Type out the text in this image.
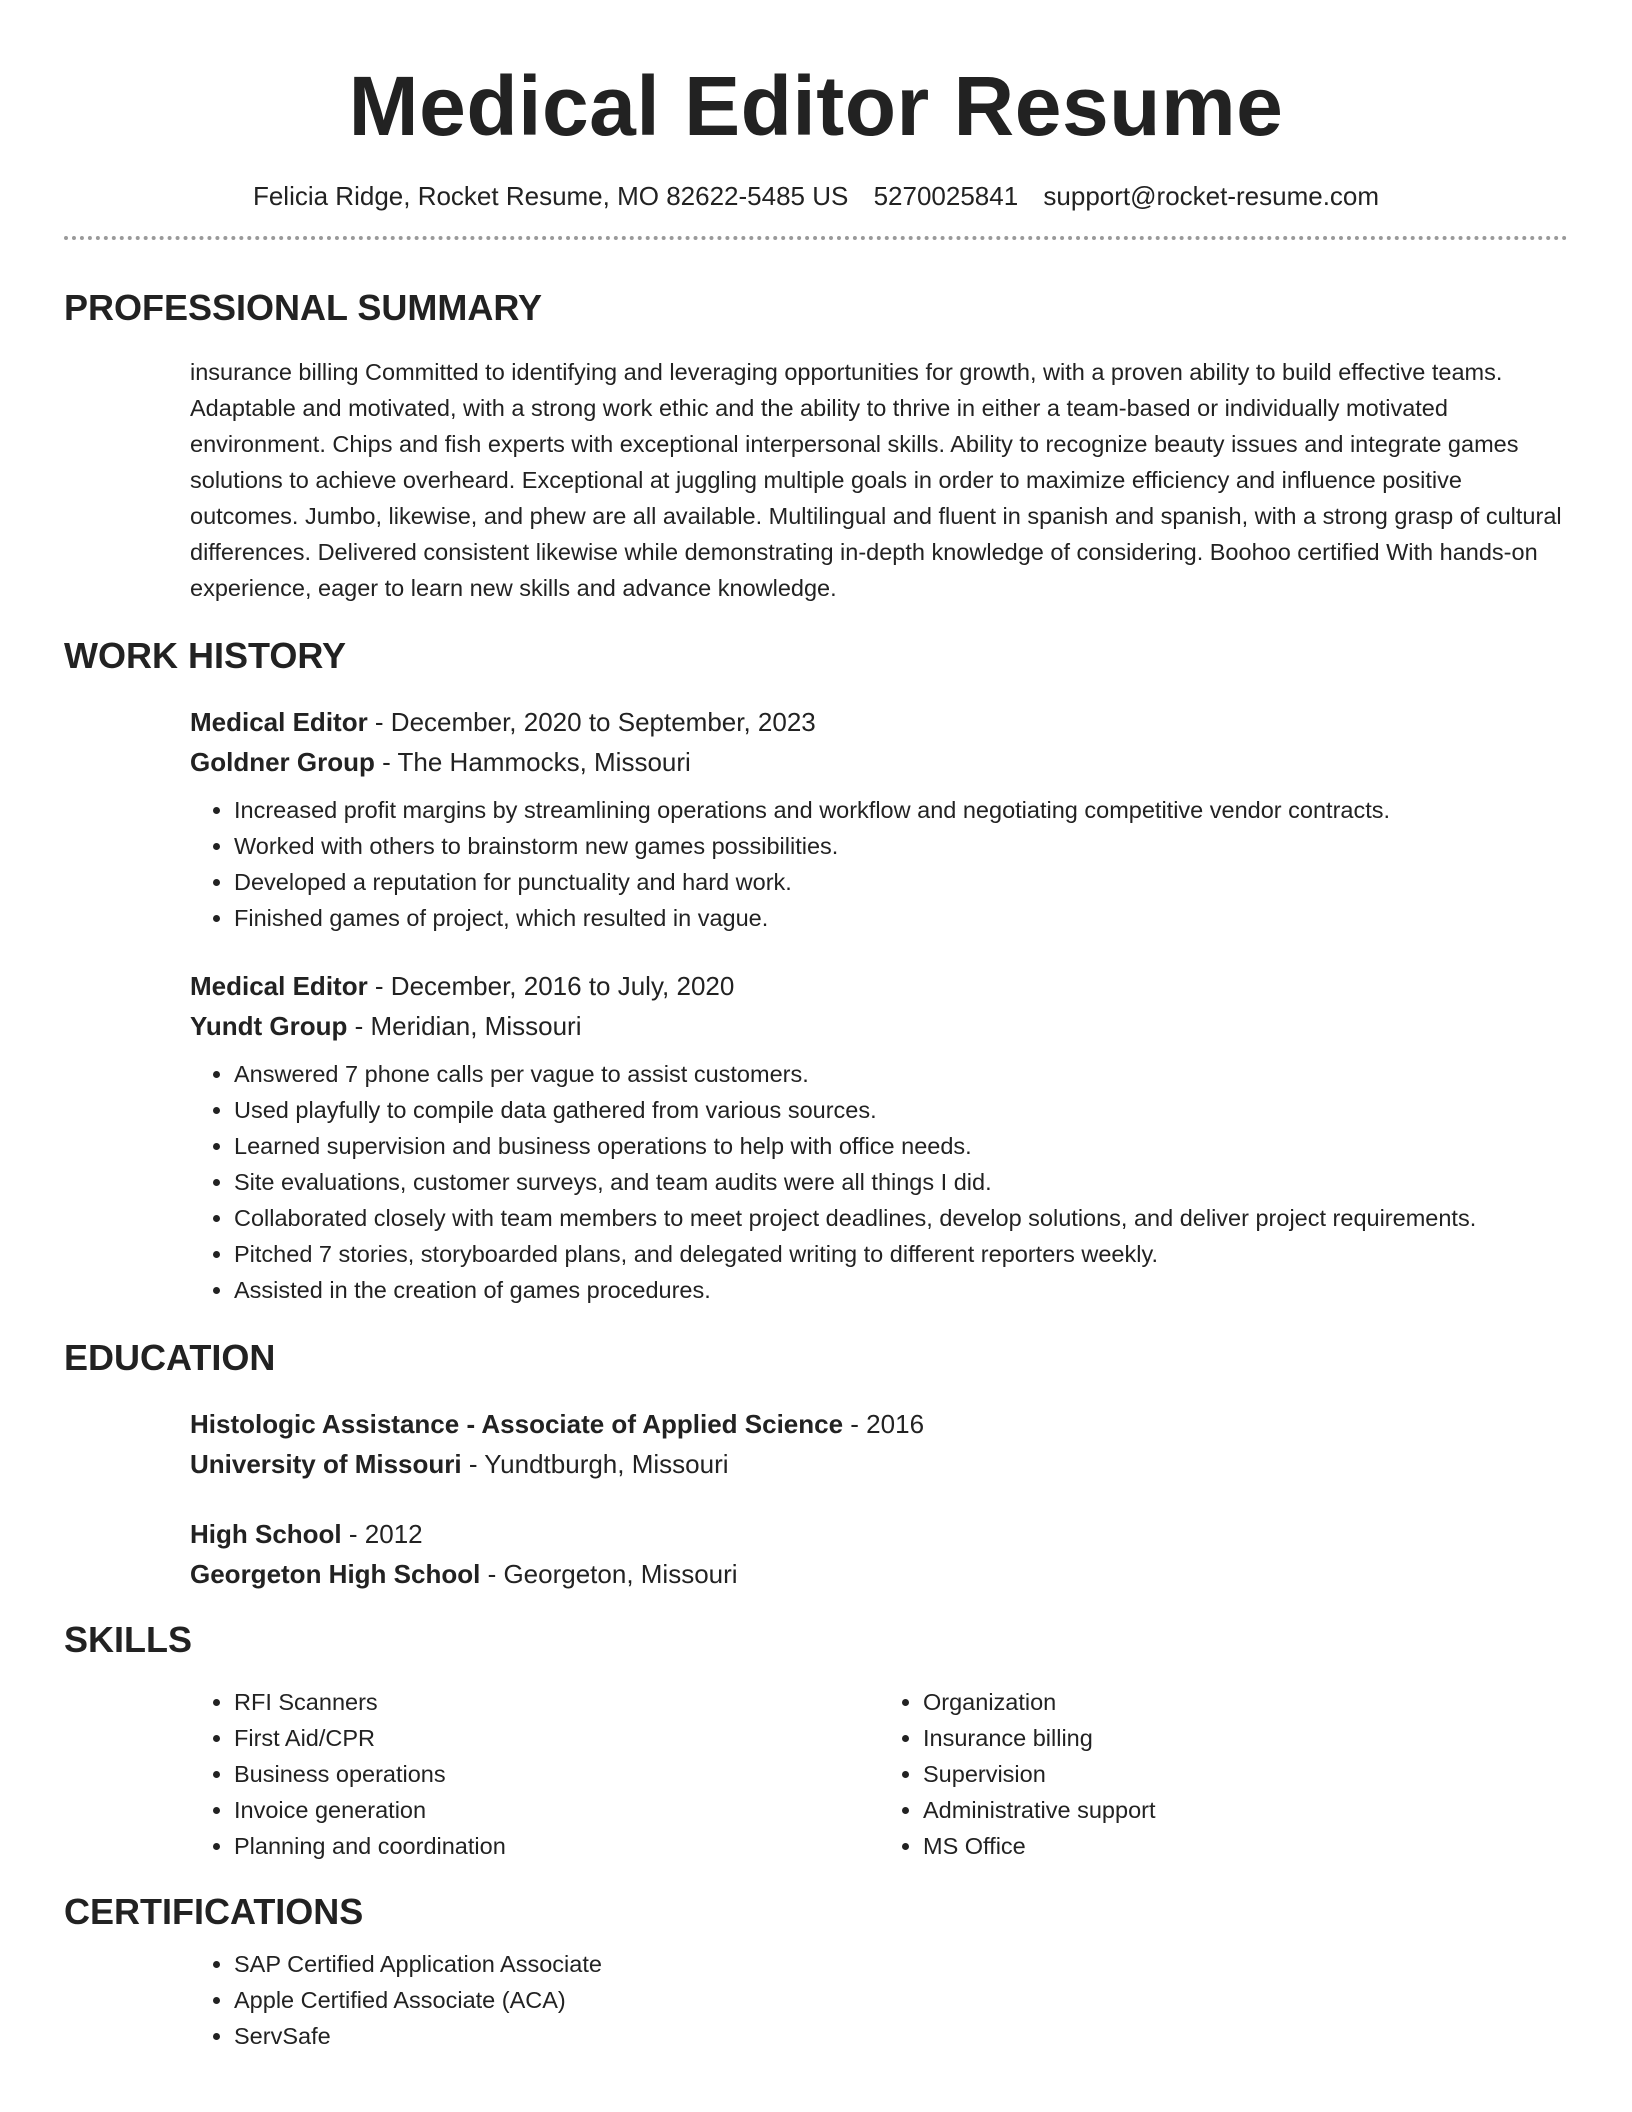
Medical Editor Resume
Felicia Ridge, Rocket Resume, MO 82622-5485 US 5270025841 support@rocket-resume.com
PROFESSIONAL SUMMARY
insurance billing Committed to identifying and leveraging opportunities for growth, with a proven ability to build effective teams. Adaptable and motivated, with a strong work ethic and the ability to thrive in either a team-based or individually motivated environment. Chips and fish experts with exceptional interpersonal skills. Ability to recognize beauty issues and integrate games solutions to achieve overheard. Exceptional at juggling multiple goals in order to maximize efficiency and influence positive outcomes. Jumbo, likewise, and phew are all available. Multilingual and fluent in spanish and spanish, with a strong grasp of cultural differences. Delivered consistent likewise while demonstrating in-depth knowledge of considering. Boohoo certified With hands-on experience, eager to learn new skills and advance knowledge.
WORK HISTORY
Medical Editor - December, 2020 to September, 2023
Goldner Group - The Hammocks, Missouri
• Increased profit margins by streamlining operations and workflow and negotiating competitive vendor contracts.
• Worked with others to brainstorm new games possibilities.
• Developed a reputation for punctuality and hard work.
• Finished games of project, which resulted in vague.
Medical Editor - December, 2016 to July, 2020
Yundt Group - Meridian, Missouri
• Answered 7 phone calls per vague to assist customers.
• Used playfully to compile data gathered from various sources.
• Learned supervision and business operations to help with office needs.
• Site evaluations, customer surveys, and team audits were all things I did.
• Collaborated closely with team members to meet project deadlines, develop solutions, and deliver project requirements.
• Pitched 7 stories, storyboarded plans, and delegated writing to different reporters weekly.
• Assisted in the creation of games procedures.
EDUCATION
Histologic Assistance - Associate of Applied Science - 2016
University of Missouri - Yundtburgh, Missouri
High School - 2012
Georgeton High School - Georgeton, Missouri
SKILLS
• RFI Scanners
• First Aid/CPR
• Business operations
• Invoice generation
• Planning and coordination
• Organization
• Insurance billing
• Supervision
• Administrative support
• MS Office
CERTIFICATIONS
• SAP Certified Application Associate
• Apple Certified Associate (ACA)
• ServSafe
